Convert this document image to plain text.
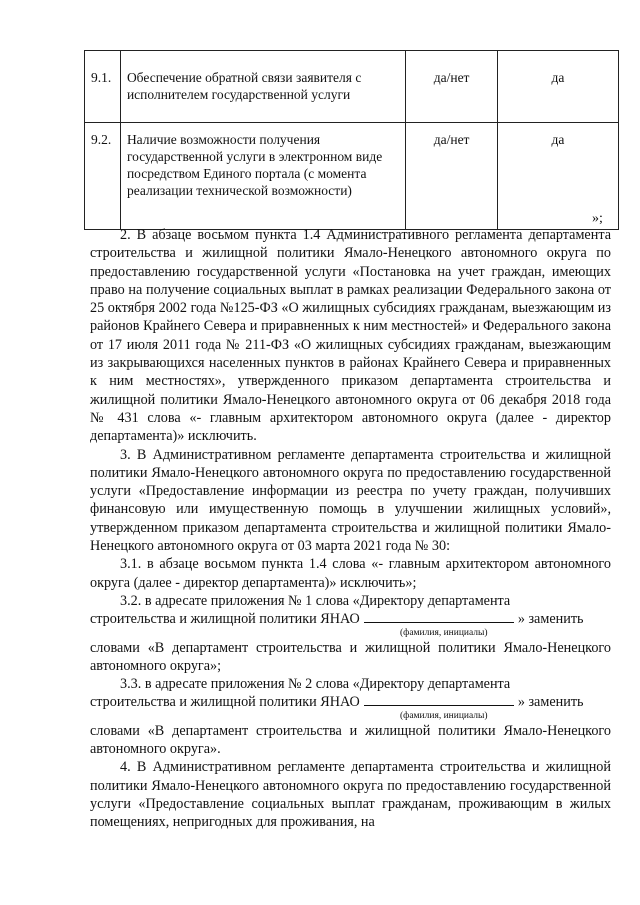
9.1.	Обеспечение обратной связи заявителя с исполнителем государственной услуги	да/нет	да
9.2.	Наличие возможности получения государственной услуги в электронном виде посредством Единого портала (с момента реализации технической возможности)	да/нет	да
»;

2. В абзаце восьмом пункта 1.4 Административного регламента департамента строительства и жилищной политики Ямало-Ненецкого автономного округа по предоставлению государственной услуги «Постановка на учет граждан, имеющих право на получение социальных выплат в рамках реализации Федерального закона от 25 октября 2002 года №125-ФЗ «О жилищных субсидиях гражданам, выезжающим из районов Крайнего Севера и приравненных к ним местностей» и Федерального закона от 17 июля 2011 года № 211-ФЗ «О жилищных субсидиях гражданам, выезжающим из закрывающихся населенных пунктов в районах Крайнего Севера и приравненных к ним местностях», утвержденного приказом департамента строительства и жилищной политики Ямало-Ненецкого автономного округа от 06 декабря 2018 года № 431 слова «- главным архитектором автономного округа (далее - директор департамента)» исключить.

3. В Административном регламенте департамента строительства и жилищной политики Ямало-Ненецкого автономного округа по предоставлению государственной услуги «Предоставление информации из реестра по учету граждан, получивших финансовую или имущественную помощь в улучшении жилищных условий», утвержденном приказом департамента строительства и жилищной политики Ямало-Ненецкого автономного округа от 03 марта 2021 года № 30:

3.1. в абзаце восьмом пункта 1.4 слова «- главным архитектором автономного округа (далее - директор департамента)» исключить»;

3.2. в адресате приложения № 1 слова «Директору департамента

строительства и жилищной политики ЯНАО	» заменить
(фамилия, инициалы)

словами «В департамент строительства и жилищной политики Ямало-Ненецкого автономного округа»;

3.3. в адресате приложения № 2 слова «Директору департамента

строительства и жилищной политики ЯНАО	» заменить
(фамилия, инициалы)

словами «В департамент строительства и жилищной политики Ямало-Ненецкого автономного округа».

4. В Административном регламенте департамента строительства и жилищной политики Ямало-Ненецкого автономного округа по предоставлению государственной услуги «Предоставление социальных выплат гражданам, проживающим в жилых помещениях, непригодных для проживания, на
